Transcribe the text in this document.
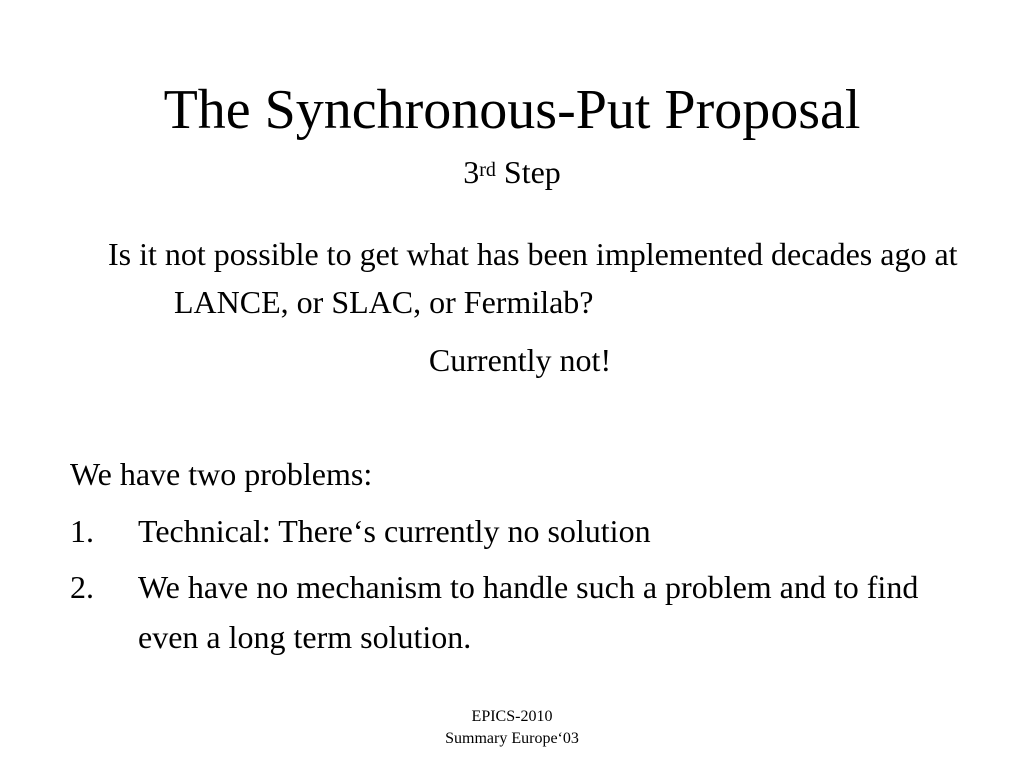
The Synchronous-Put Proposal
3rd Step
Is it not possible to get what has been implemented decades ago at LANCE, or SLAC, or Fermilab?
Currently not!
We have two problems:
1. Technical: There‘s currently no solution
2. We have no mechanism to handle such a problem and to find even a long term solution.
EPICS-2010
Summary Europe‘03
